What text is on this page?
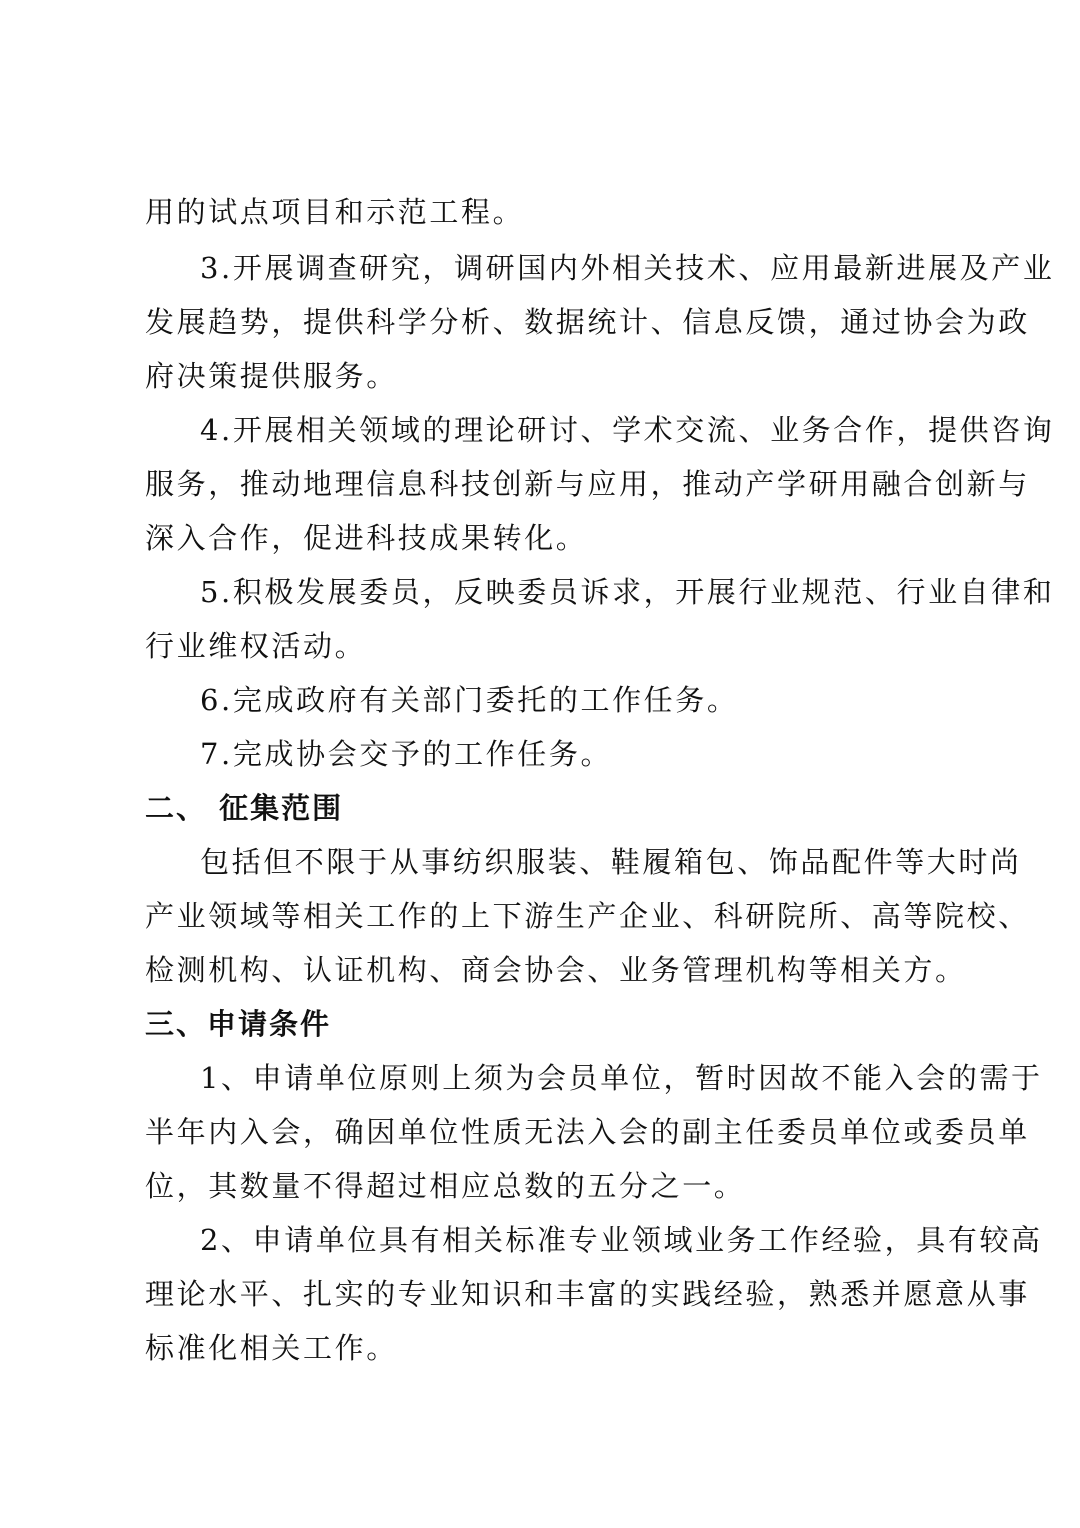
用的试点项目和示范工程。
3.开展调查研究，调研国内外相关技术、应用最新进展及产业
发展趋势，提供科学分析、数据统计、信息反馈，通过协会为政
府决策提供服务。
4.开展相关领域的理论研讨、学术交流、业务合作，提供咨询
服务，推动地理信息科技创新与应用，推动产学研用融合创新与
深入合作，促进科技成果转化。
5.积极发展委员，反映委员诉求，开展行业规范、行业自律和
行业维权活动。
6.完成政府有关部门委托的工作任务。
7.完成协会交予的工作任务。
二、 征集范围
包括但不限于从事纺织服装、鞋履箱包、饰品配件等大时尚
产业领域等相关工作的上下游生产企业、科研院所、高等院校、
检测机构、认证机构、商会协会、业务管理机构等相关方。
三、申请条件
1、申请单位原则上须为会员单位，暂时因故不能入会的需于
半年内入会，确因单位性质无法入会的副主任委员单位或委员单
位，其数量不得超过相应总数的五分之一。
2、申请单位具有相关标准专业领域业务工作经验，具有较高
理论水平、扎实的专业知识和丰富的实践经验，熟悉并愿意从事
标准化相关工作。
